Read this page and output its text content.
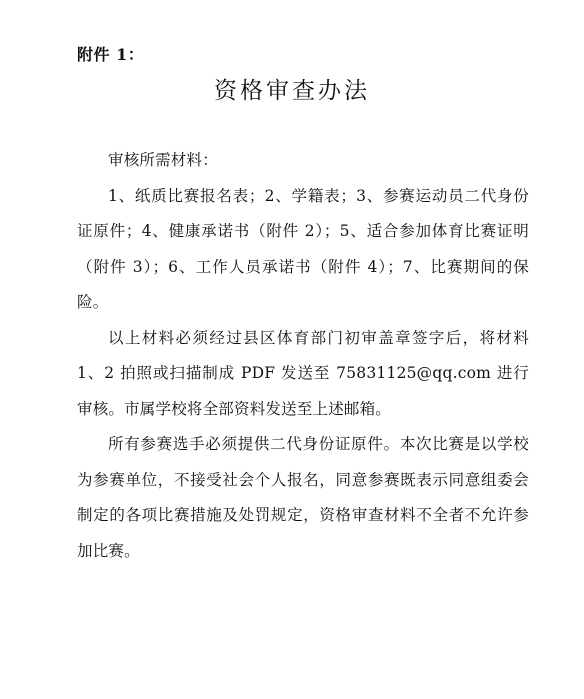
附件 1：
资格审查办法

审核所需材料：

1、纸质比赛报名表；2、学籍表；3、参赛运动员二代身份证原件；4、健康承诺书（附件 2）；5、适合参加体育比赛证明（附件 3）；6、工作人员承诺书（附件 4）；7、比赛期间的保险。

以上材料必须经过县区体育部门初审盖章签字后，将材料 1、2 拍照或扫描制成 PDF 发送至 75831125@qq.com 进行审核。市属学校将全部资料发送至上述邮箱。

所有参赛选手必须提供二代身份证原件。本次比赛是以学校为参赛单位，不接受社会个人报名，同意参赛既表示同意组委会制定的各项比赛措施及处罚规定，资格审查材料不全者不允许参加比赛。
